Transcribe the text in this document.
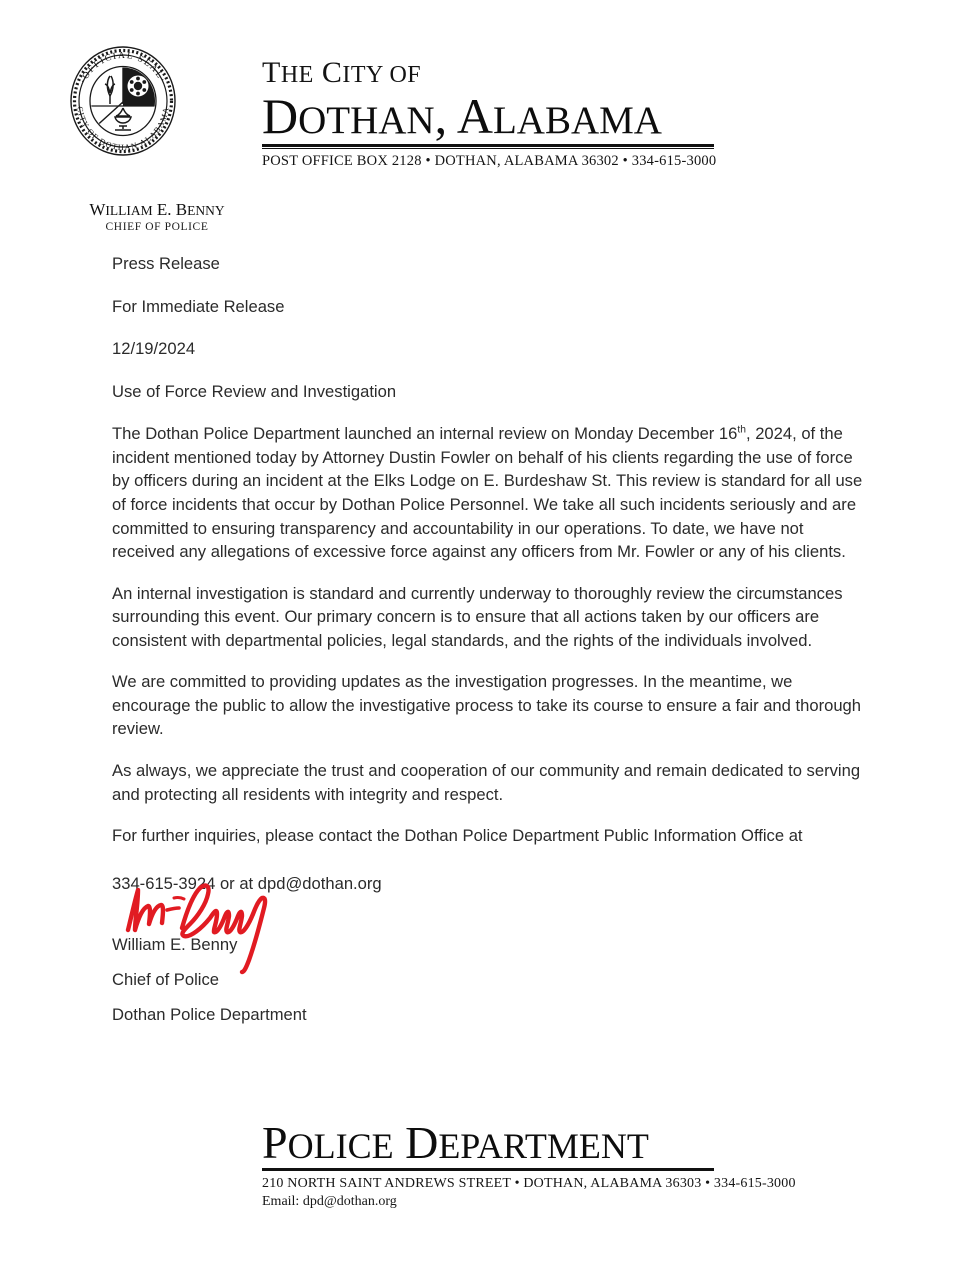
·OFFICIAL SEAL·
CITY OF DOTHAN ALABAMA
THE CITY OF
DOTHAN, ALABAMA
POST OFFICE BOX 2128 • DOTHAN, ALABAMA 36302 • 334-615-3000
WILLIAM E. BENNY
CHIEF OF POLICE
Press Release
For Immediate Release
12/19/2024
Use of Force Review and Investigation

The Dothan Police Department launched an internal review on Monday December 16th, 2024, of the incident mentioned today by Attorney Dustin Fowler on behalf of his clients regarding the use of force by officers during an incident at the Elks Lodge on E. Burdeshaw St. This review is standard for all use of force incidents that occur by Dothan Police Personnel. We take all such incidents seriously and are committed to ensuring transparency and accountability in our operations. To date, we have not received any allegations of excessive force against any officers from Mr. Fowler or any of his clients.

An internal investigation is standard and currently underway to thoroughly review the circumstances surrounding this event. Our primary concern is to ensure that all actions taken by our officers are consistent with departmental policies, legal standards, and the rights of the individuals involved.

We are committed to providing updates as the investigation progresses. In the meantime, we encourage the public to allow the investigative process to take its course to ensure a fair and thorough review.

As always, we appreciate the trust and cooperation of our community and remain dedicated to serving and protecting all residents with integrity and respect.

For further inquiries, please contact the Dothan Police Department Public Information Office at
334-615-3924 or at dpd@dothan.org
William E. Benny
Chief of Police
Dothan Police Department
POLICE DEPARTMENT
210 NORTH SAINT ANDREWS STREET • DOTHAN, ALABAMA 36303 • 334-615-3000
Email: dpd@dothan.org
